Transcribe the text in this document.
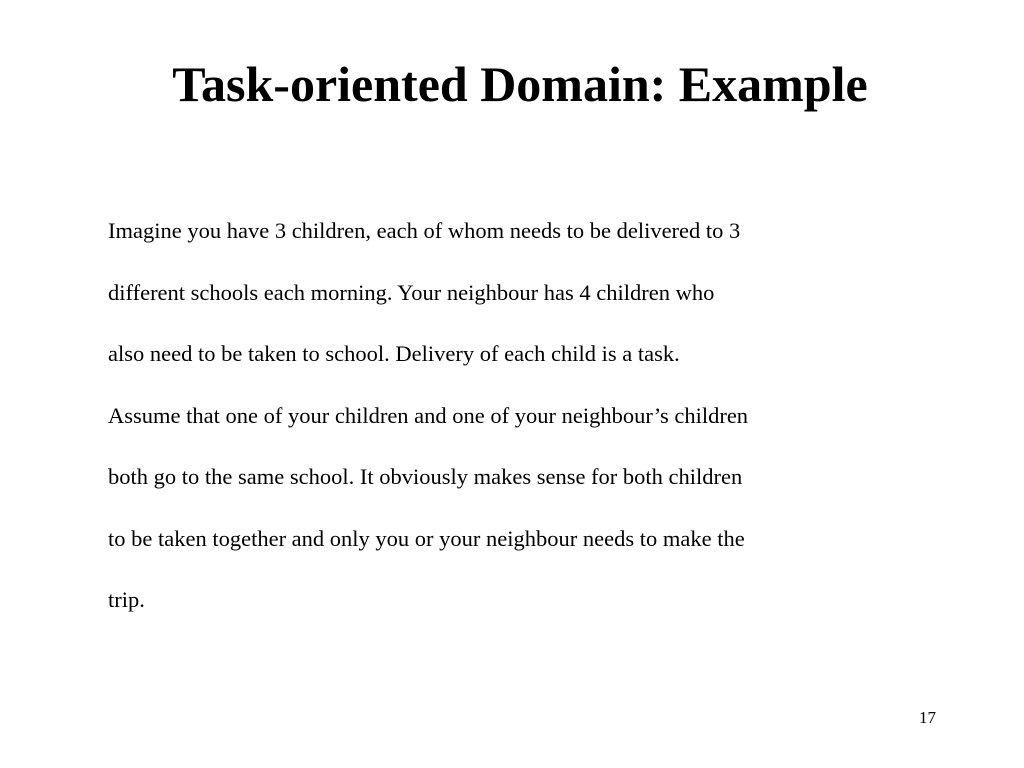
Task-oriented Domain: Example

Imagine you have 3 children, each of whom needs to be delivered to 3
different schools each morning. Your neighbour has 4 children who
also need to be taken to school. Delivery of each child is a task.
Assume that one of your children and one of your neighbour’s children
both go to the same school. It obviously makes sense for both children
to be taken together and only you or your neighbour needs to make the
trip.

17
